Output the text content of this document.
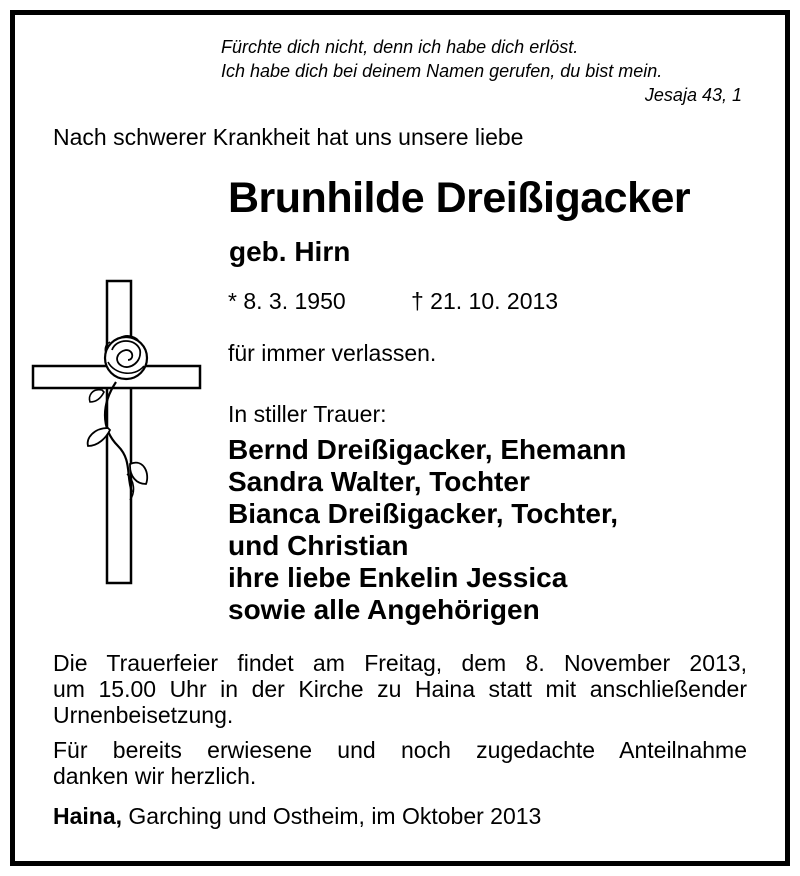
Fürchte dich nicht, denn ich habe dich erlöst.
Ich habe dich bei deinem Namen gerufen, du bist mein.
Jesaja 43, 1
Nach schwerer Krankheit hat uns unsere liebe
Brunhilde Dreißigacker
geb. Hirn
* 8. 3. 1950	† 21. 10. 2013
für immer verlassen.
In stiller Trauer:
Bernd Dreißigacker, Ehemann
Sandra Walter, Tochter
Bianca Dreißigacker, Tochter,
und Christian
ihre liebe Enkelin Jessica
sowie alle Angehörigen
Die Trauerfeier findet am Freitag, dem 8. November 2013,
um 15.00 Uhr in der Kirche zu Haina statt mit anschließender
Urnenbeisetzung.
Für bereits erwiesene und noch zugedachte Anteilnahme
danken wir herzlich.
Haina, Garching und Ostheim, im Oktober 2013
